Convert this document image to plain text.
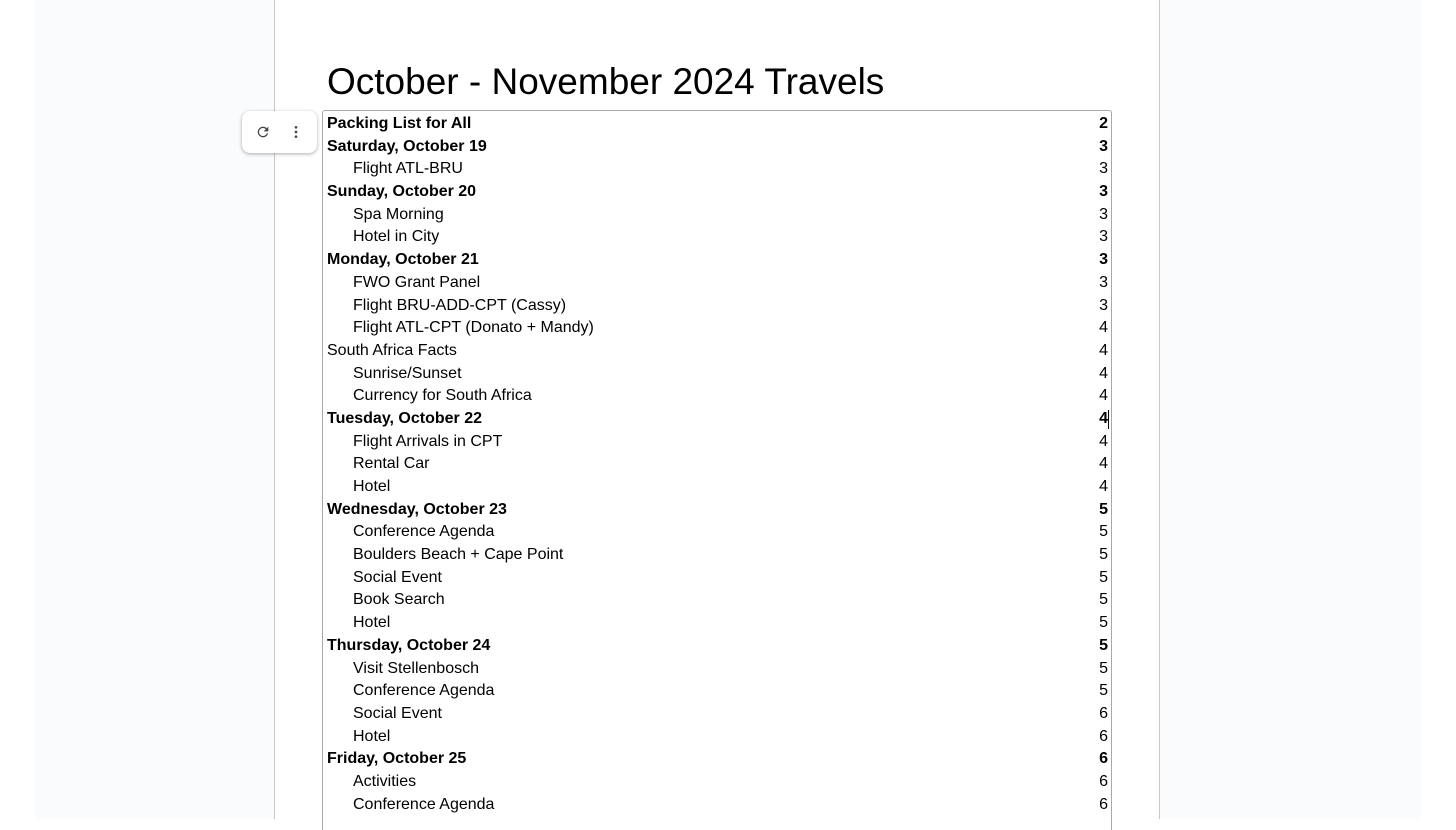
October - November 2024 Travels
Packing List for All	2
Saturday, October 19	3
Flight ATL-BRU	3
Sunday, October 20	3
Spa Morning	3
Hotel in City	3
Monday, October 21	3
FWO Grant Panel	3
Flight BRU-ADD-CPT (Cassy)	3
Flight ATL-CPT (Donato + Mandy)	4
South Africa Facts	4
Sunrise/Sunset	4
Currency for South Africa	4
Tuesday, October 22	4
Flight Arrivals in CPT	4
Rental Car	4
Hotel	4
Wednesday, October 23	5
Conference Agenda	5
Boulders Beach + Cape Point	5
Social Event	5
Book Search	5
Hotel	5
Thursday, October 24	5
Visit Stellenbosch	5
Conference Agenda	5
Social Event	6
Hotel	6
Friday, October 25	6
Activities	6
Conference Agenda	6
